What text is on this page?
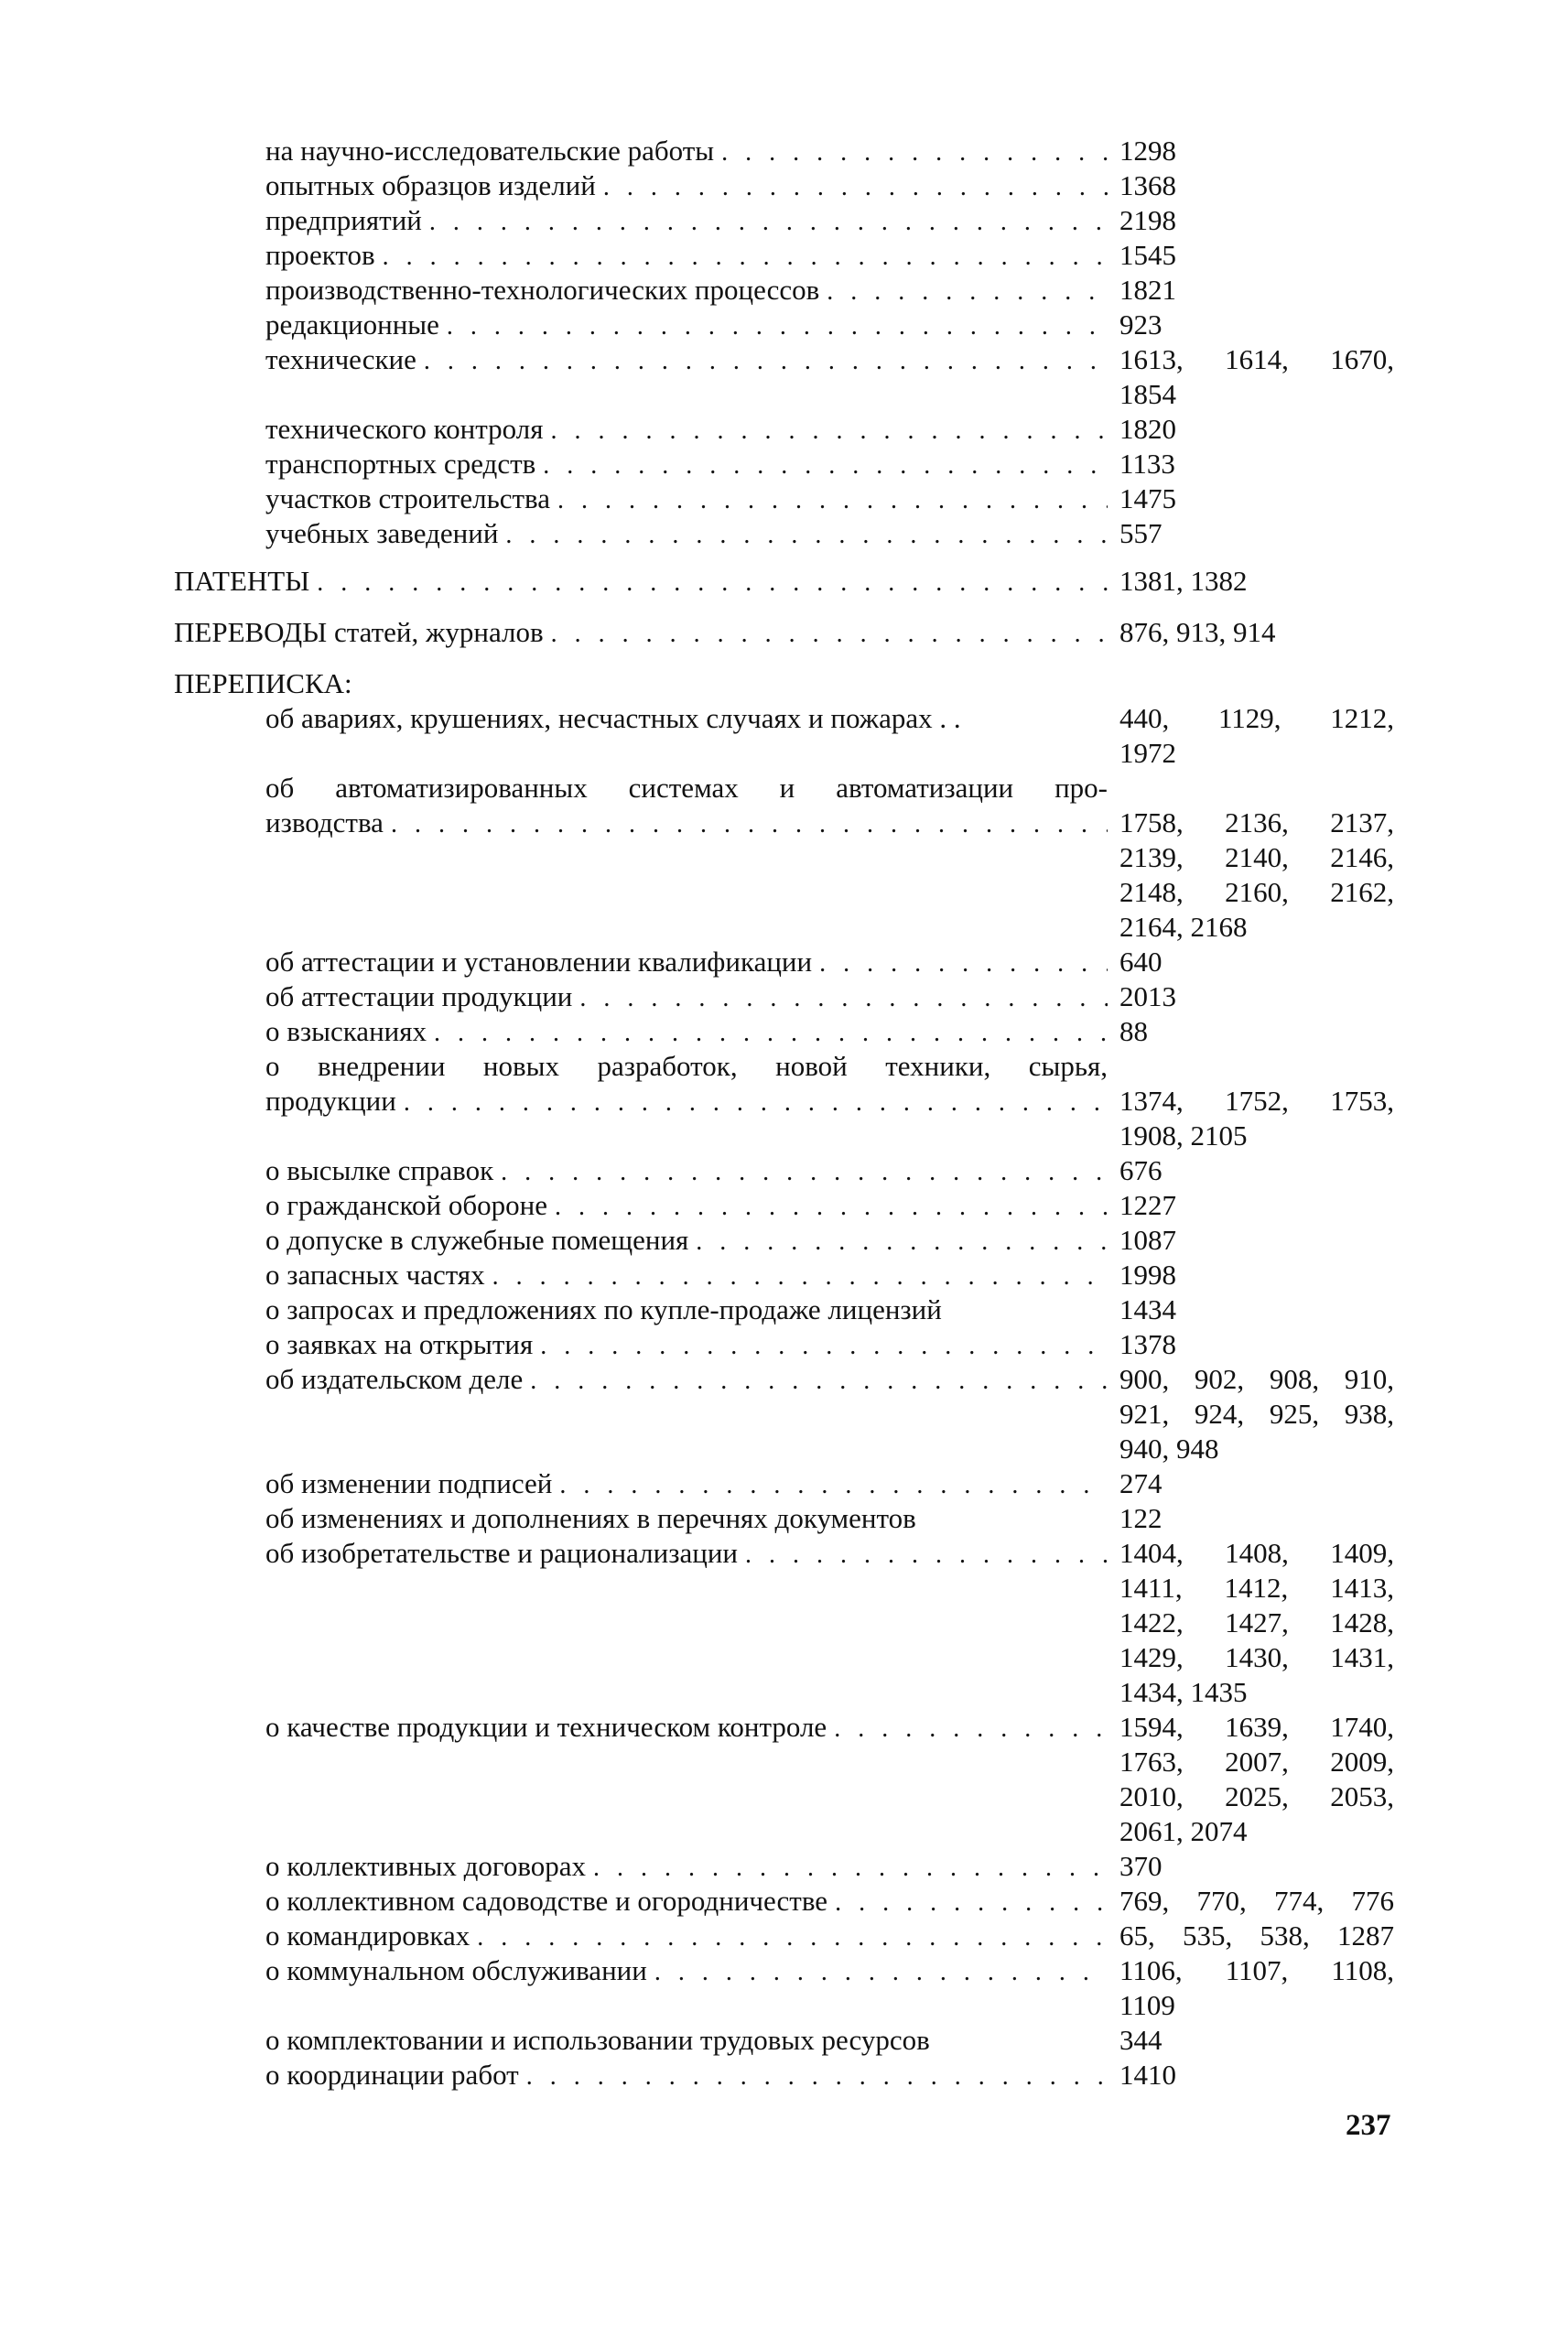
на научно-исследовательские работы . . .	1298
опытных образцов изделий . . .	1368
предприятий . . .	2198
проектов . . .	1545
производственно-технологических процессов . . .	1821
редакционные . . .	923
технические . . .	1613, 1614, 1670,
1854
технического контроля . . .	1820
транспортных средств . . .	1133
участков строительства . . .	1475
учебных заведений . . .	557
ПАТЕНТЫ . . .	1381, 1382
ПЕРЕВОДЫ статей, журналов . . .	876, 913, 914
ПЕРЕПИСКА:
об авариях, крушениях, несчастных случаях и пожарах . .	440, 1129, 1212,
1972
об автоматизированных системах и автоматизации про-
изводства . . .	1758, 2136, 2137,
2139, 2140, 2146,
2148, 2160, 2162,
2164, 2168
об аттестации и установлении квалификации . . .	640
об аттестации продукции . . .	2013
о взысканиях . . .	88
о внедрении новых разработок, новой техники, сырья,
продукции . . .	1374, 1752, 1753,
1908, 2105
о высылке справок . . .	676
о гражданской обороне . . .	1227
о допуске в служебные помещения . . .	1087
о запасных частях . . .	1998
о запросах и предложениях по купле-продаже лицензий	1434
о заявках на открытия . . .	1378
об издательском деле . . .	900, 902, 908, 910,
921, 924, 925, 938,
940, 948
об изменении подписей . . .	274
об изменениях и дополнениях в перечнях документов	122
об изобретательстве и рационализации . . .	1404, 1408, 1409,
1411, 1412, 1413,
1422, 1427, 1428,
1429, 1430, 1431,
1434, 1435
о качестве продукции и техническом контроле . . .	1594, 1639, 1740,
1763, 2007, 2009,
2010, 2025, 2053,
2061, 2074
о коллективных договорах . . .	370
о коллективном садоводстве и огородничестве . . .	769, 770, 774, 776
о командировках . . .	65, 535, 538, 1287
о коммунальном обслуживании . . .	1106, 1107, 1108,
1109
о комплектовании и использовании трудовых ресурсов	344
о координации работ . . .	1410
237
